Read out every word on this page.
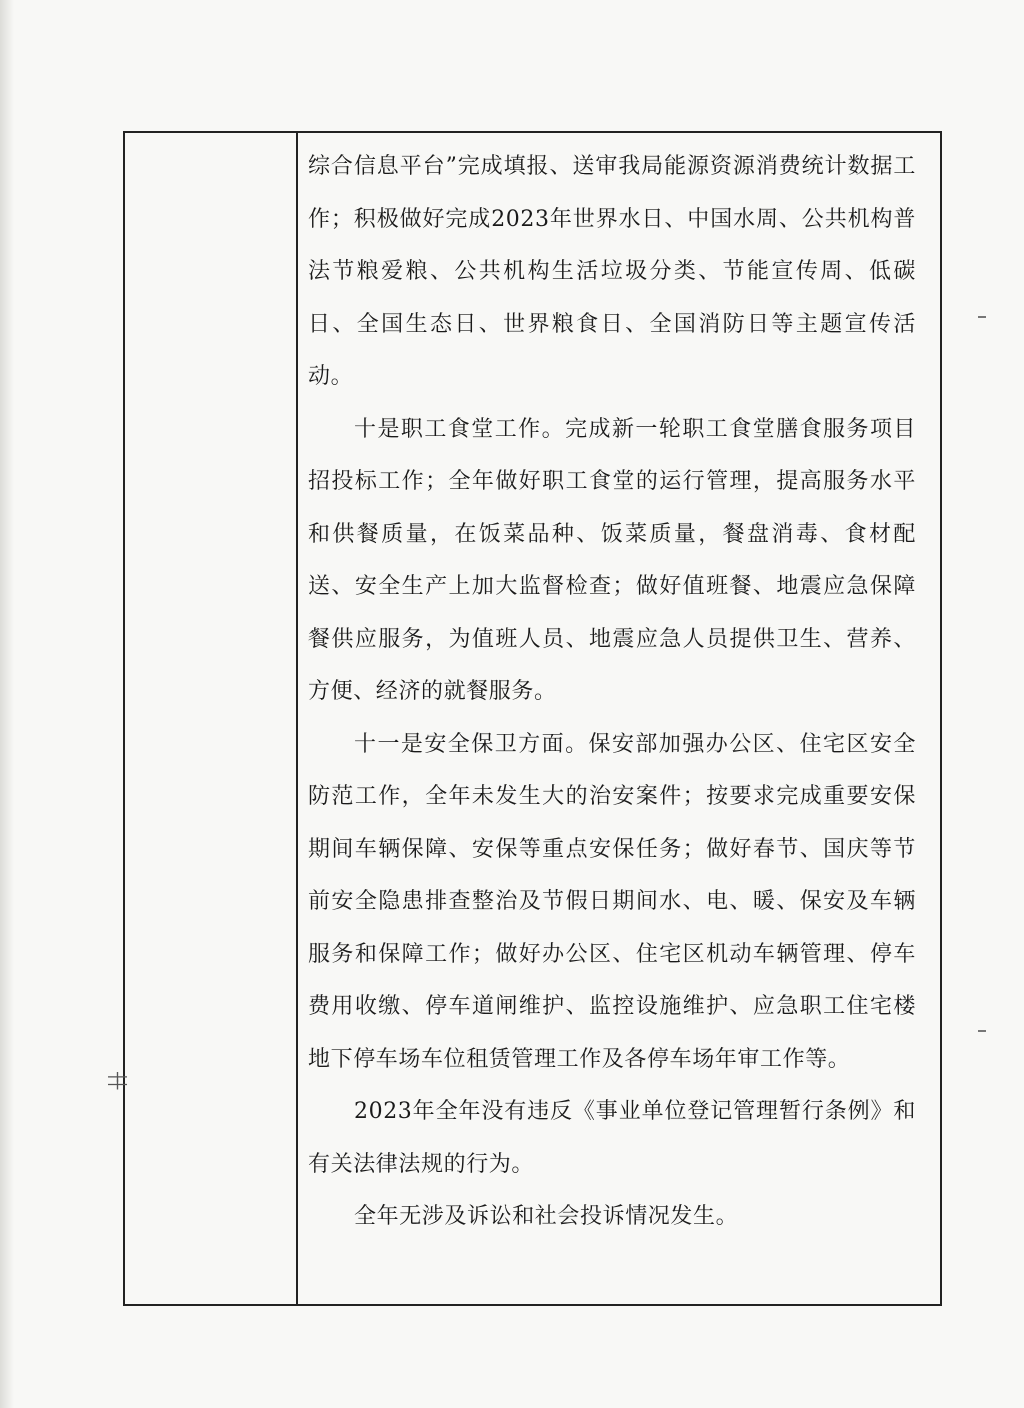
综合信息平台”完成填报、送审我局能源资源消费统计数据工作；积极做好完成2023年世界水日、中国水周、公共机构普法节粮爱粮、公共机构生活垃圾分类、节能宣传周、低碳日、全国生态日、世界粮食日、全国消防日等主题宣传活动。

十是职工食堂工作。完成新一轮职工食堂膳食服务项目招投标工作；全年做好职工食堂的运行管理，提高服务水平和供餐质量，在饭菜品种、饭菜质量，餐盘消毒、食材配送、安全生产上加大监督检查；做好值班餐、地震应急保障餐供应服务，为值班人员、地震应急人员提供卫生、营养、方便、经济的就餐服务。

十一是安全保卫方面。保安部加强办公区、住宅区安全防范工作，全年未发生大的治安案件；按要求完成重要安保期间车辆保障、安保等重点安保任务；做好春节、国庆等节前安全隐患排查整治及节假日期间水、电、暖、保安及车辆服务和保障工作；做好办公区、住宅区机动车辆管理、停车费用收缴、停车道闸维护、监控设施维护、应急职工住宅楼地下停车场车位租赁管理工作及各停车场年审工作等。

2023年全年没有违反《事业单位登记管理暂行条例》和有关法律法规的行为。

全年无涉及诉讼和社会投诉情况发生。

┼┼
